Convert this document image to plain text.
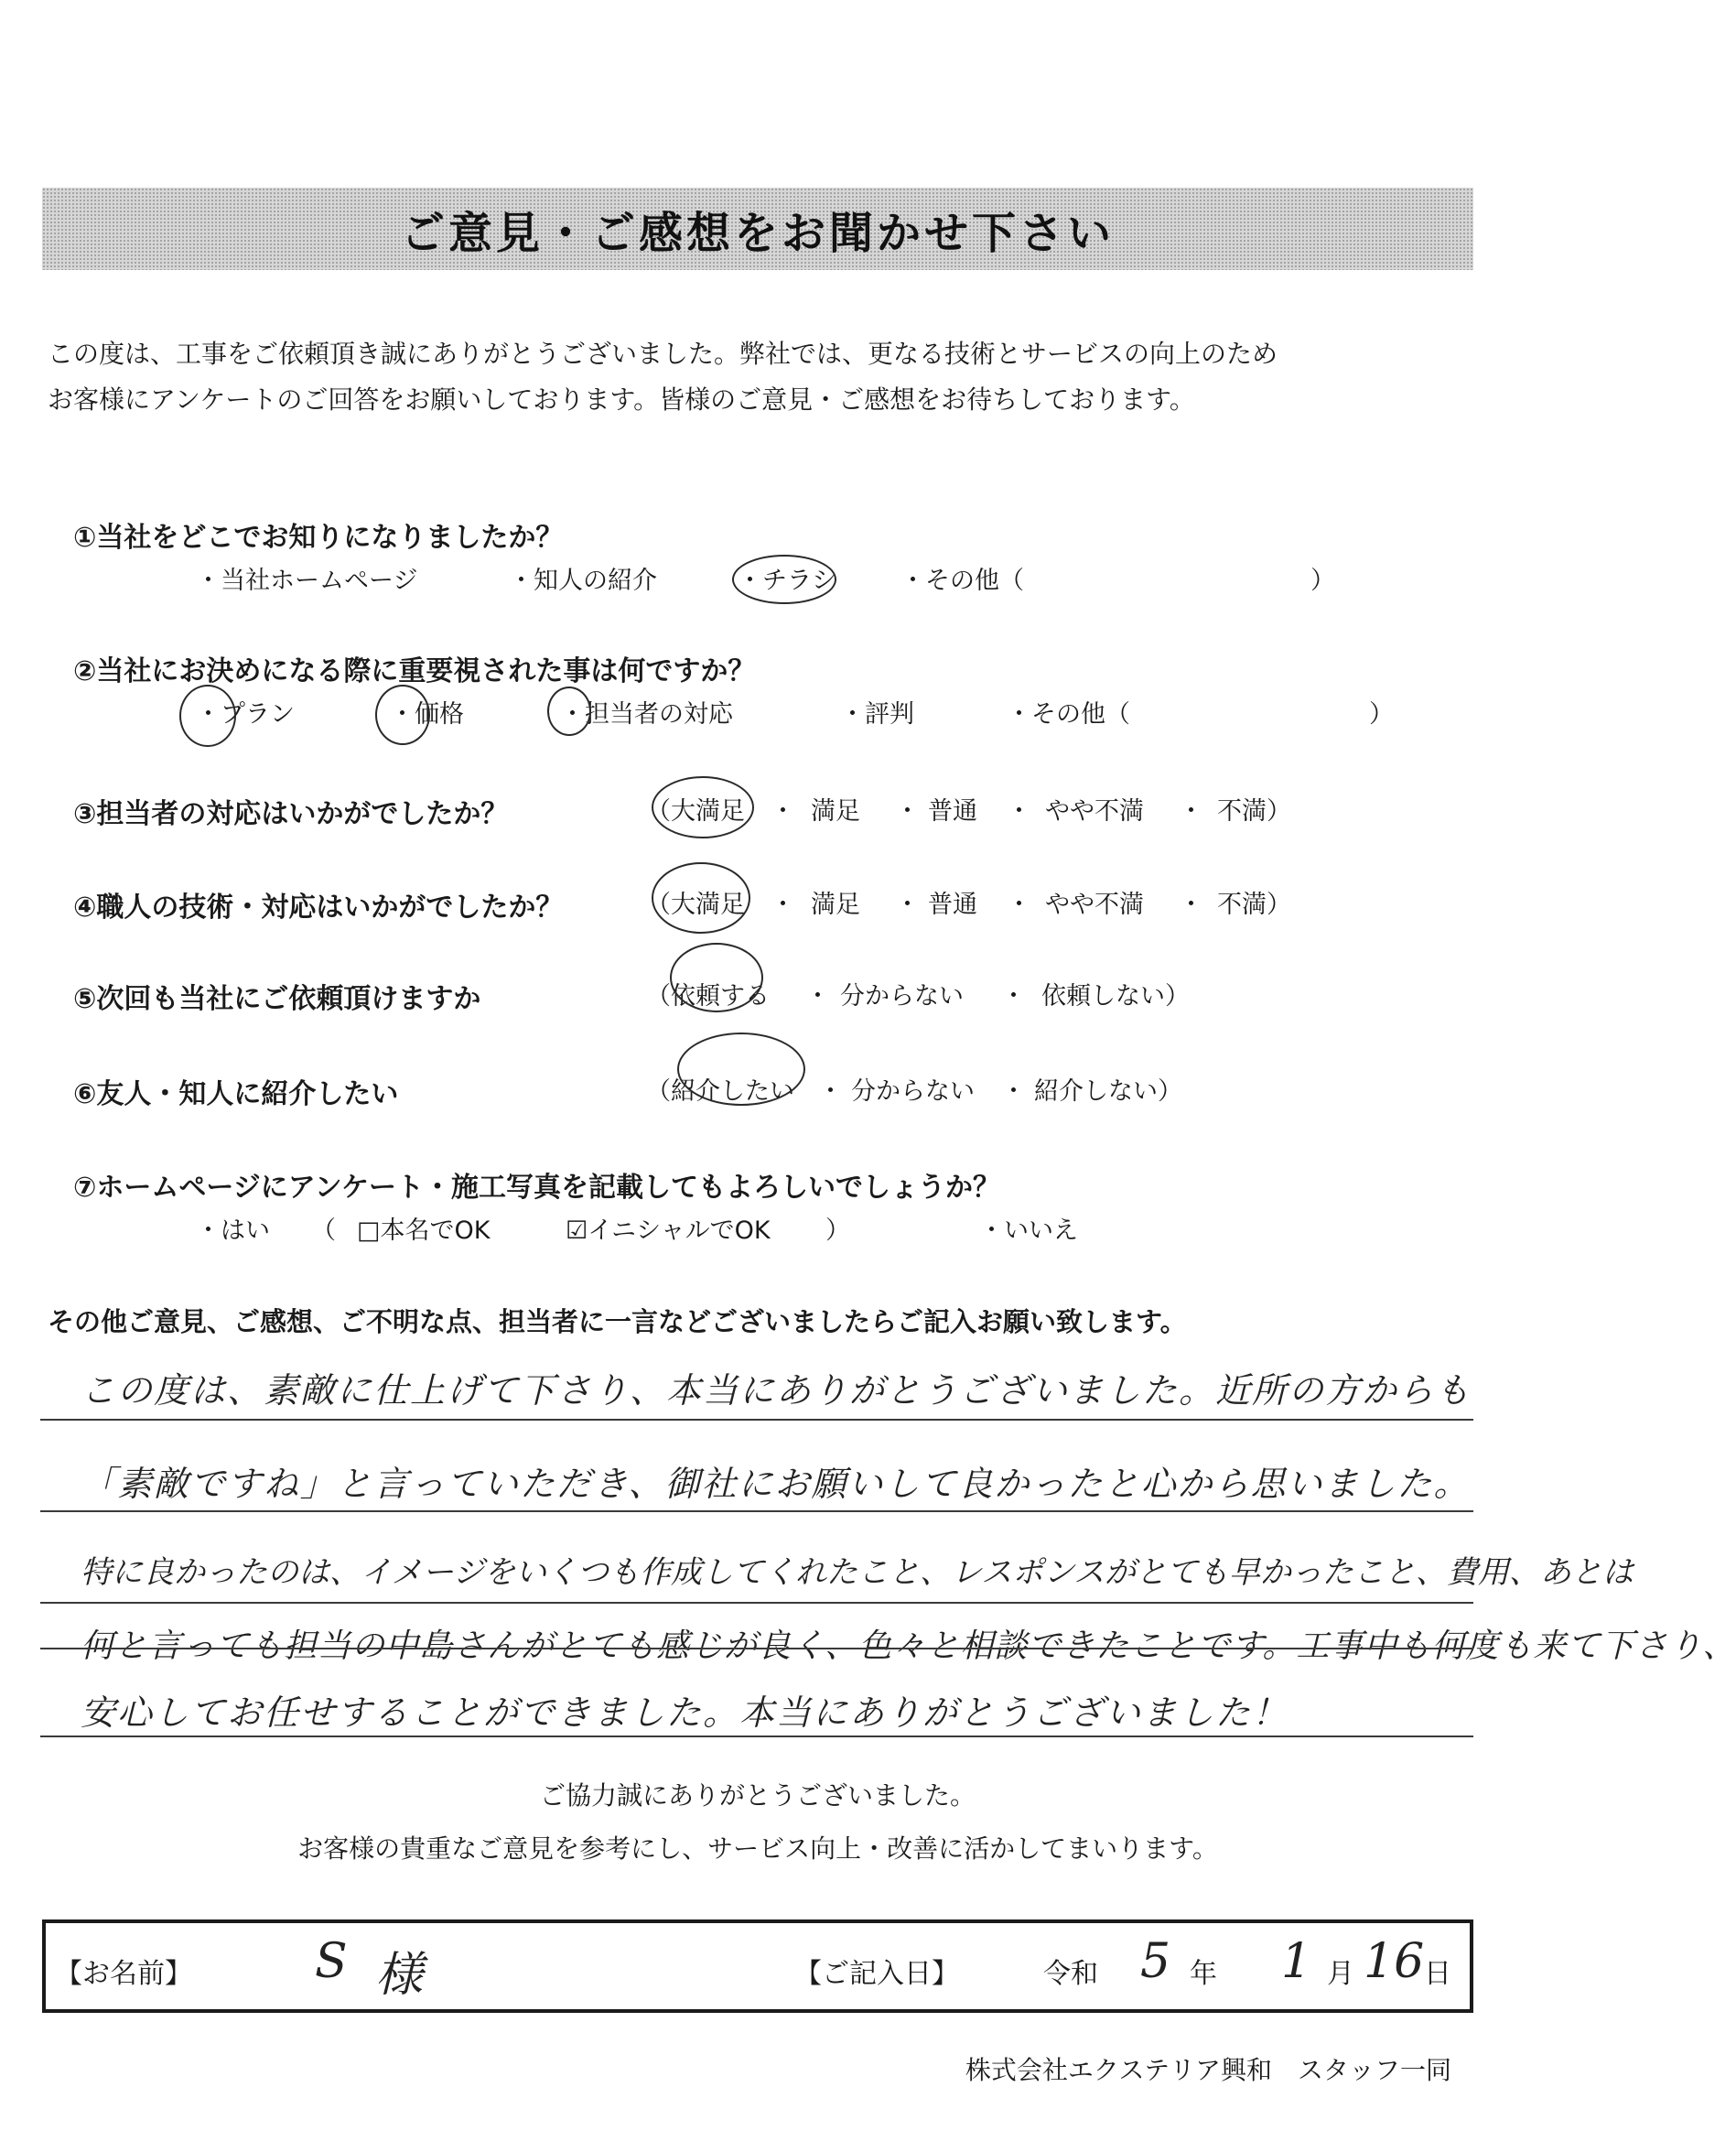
ご意見・ご感想をお聞かせ下さい
この度は、工事をご依頼頂き誠にありがとうございました。弊社では、更なる技術とサービスの向上のため
お客様にアンケートのご回答をお願いしております。皆様のご意見・ご感想をお待ちしております。
①当社をどこでお知りになりましたか？
・当社ホームページ	・知人の紹介	・チラシ	・その他（	）
②当社にお決めになる際に重要視された事は何ですか？
・プラン	・価格	・担当者の対応	・評判	・その他（	）
③担当者の対応はいかがでしたか？	（大満足 ・ 満足 ・ 普通 ・ やや不満 ・ 不満）
④職人の技術・対応はいかがでしたか？	（大満足 ・ 満足 ・ 普通 ・ やや不満 ・ 不満）
⑤次回も当社にご依頼頂けますか	（依頼する ・ 分からない ・ 依頼しない）
⑥友人・知人に紹介したい	（紹介したい ・ 分からない ・ 紹介しない）
⑦ホームページにアンケート・施工写真を記載してもよろしいでしょうか？
・はい （ □本名でOK	☑イニシャルでOK ）	・いいえ
その他ご意見、ご感想、ご不明な点、担当者に一言などございましたらご記入お願い致します。
この度は、素敵に仕上げて下さり、本当にありがとうございました。近所の方からも
「素敵ですね」と言っていただき、御社にお願いして良かったと心から思いました。
特に良かったのは、イメージをいくつも作成してくれたこと、レスポンスがとても早かったこと、費用、あとは
何と言っても担当の中島さんがとても感じが良く、色々と相談できたことです。工事中も何度も来て下さり、
安心してお任せすることができました。本当にありがとうございました！
ご協力誠にありがとうございました。
お客様の貴重なご意見を参考にし、サービス向上・改善に活かしてまいります。
【お名前】	S 様	【ご記入日】	令和 5 年 1 月 16 日
株式会社エクステリア興和　スタッフ一同
